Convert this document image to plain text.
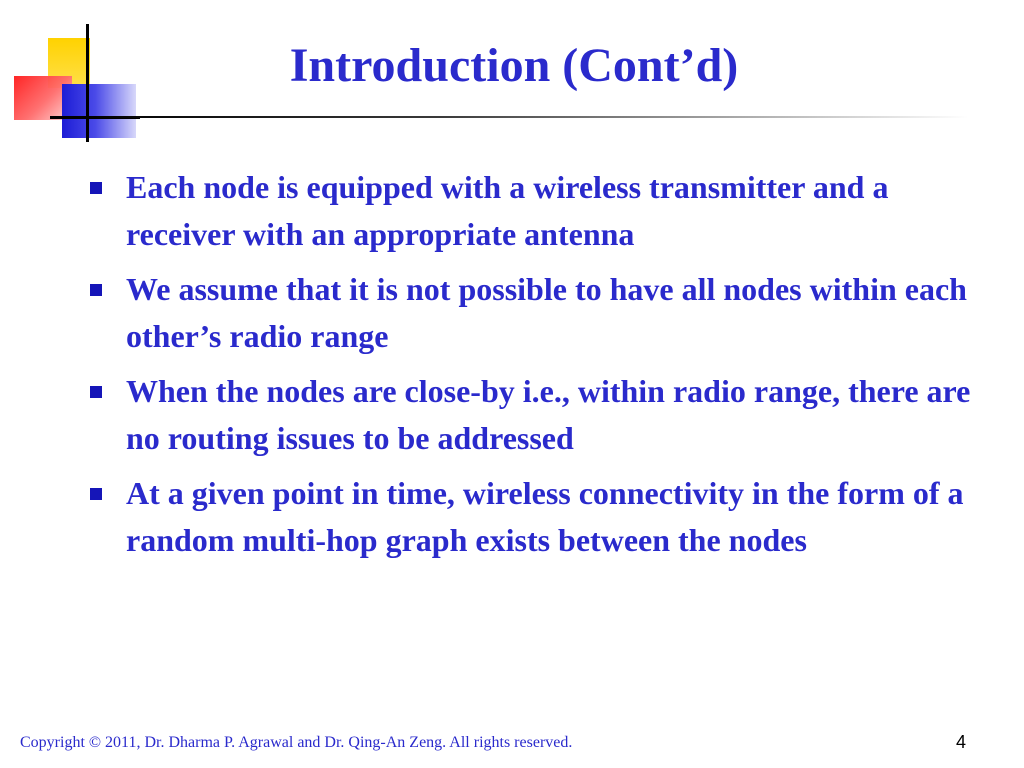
Introduction (Cont’d)
Each node is equipped with a wireless transmitter and a receiver with an appropriate antenna
We assume that it is not possible to have all nodes within each other’s radio range
When the nodes are close-by i.e., within radio range, there are no routing issues to be addressed
At a given point in time, wireless connectivity in the form of a random multi-hop graph exists between the nodes
Copyright © 2011, Dr. Dharma P. Agrawal and Dr. Qing-An Zeng. All rights reserved.	4
